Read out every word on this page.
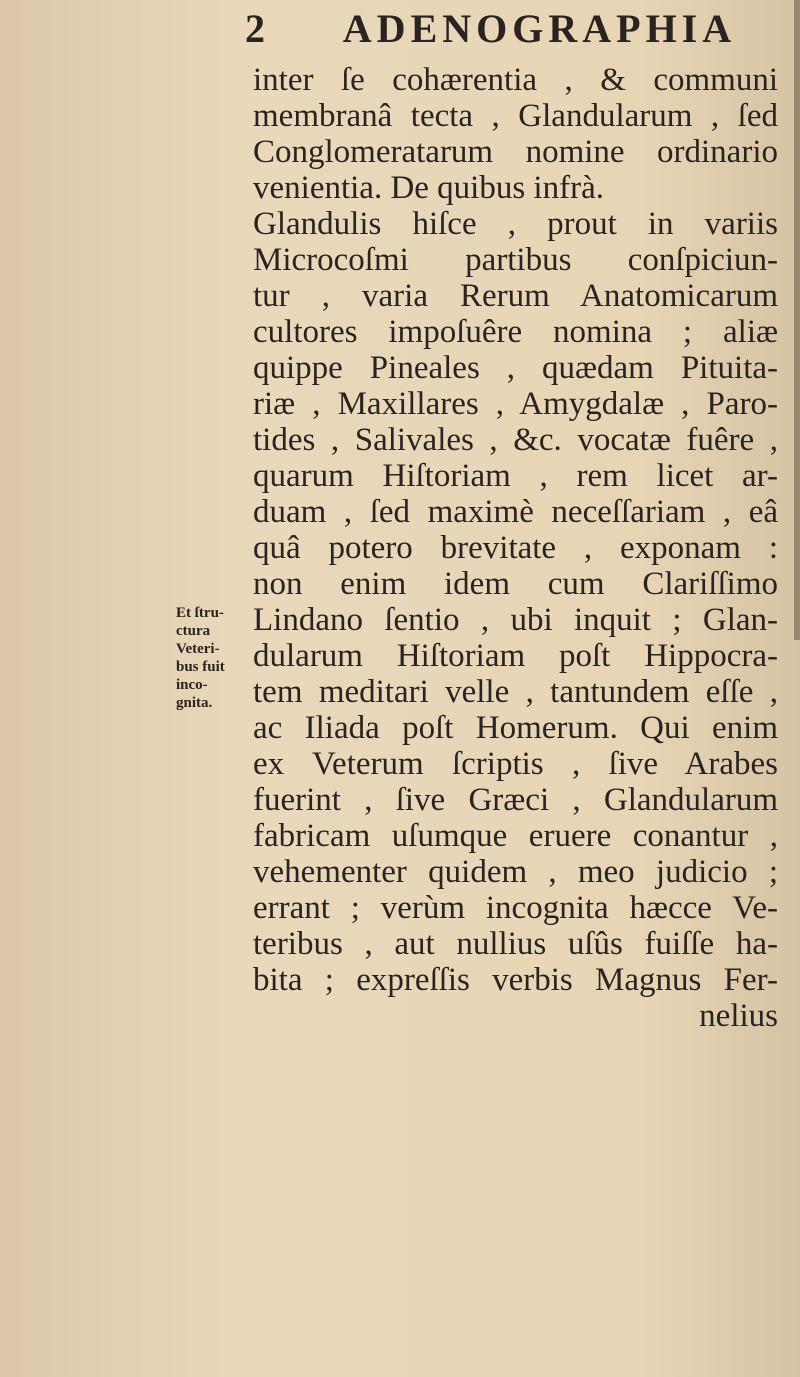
2 ADENOGRAPHIA
Et ſtru-
ctura
Veteri-
bus fuit
inco-
gnita.
inter ſe cohærentia , & communi
membranâ tecta , Glandularum , ſed
Conglomeratarum nomine ordinario
venientia. De quibus infrà.
Glandulis hiſce , prout in variis
Microcoſmi partibus conſpiciun-
tur , varia Rerum Anatomicarum
cultores impoſuêre nomina ; aliæ
quippe Pineales , quædam Pituita-
riæ , Maxillares , Amygdalæ , Paro-
tides , Salivales , &c. vocatæ fuêre ,
quarum Hiſtoriam , rem licet ar-
duam , ſed maximè neceſſariam , eâ
quâ potero brevitate , exponam :
non enim idem cum Clariſſimo
Lindano ſentio , ubi inquit ; Glan-
dularum Hiſtoriam poſt Hippocra-
tem meditari velle , tantundem eſſe ,
ac Iliada poſt Homerum. Qui enim
ex Veterum ſcriptis , ſive Arabes
fuerint , ſive Græci , Glandularum
fabricam uſumque eruere conantur ,
vehementer quidem , meo judicio ;
errant ; verùm incognita hæcce Ve-
teribus , aut nullius uſûs fuiſſe ha-
bita ; expreſſis verbis Magnus Fer-
nelius
